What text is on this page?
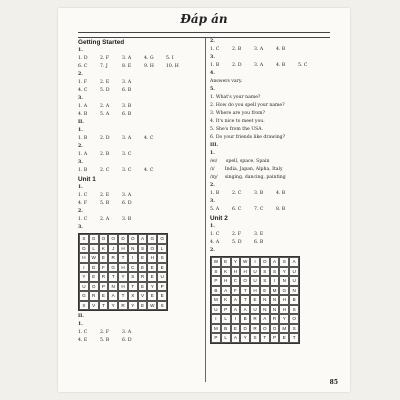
Đáp án
Getting Started
1.
1. D	2. F	3. A	4. G	5. I
6. C	7. J	8. E	9. H	10. H
2.
1. F	2. E	3. A
4. C	5. D	6. B
3.
1. A	2. A	3. B
4. B	5. A	6. B
II.
1.
1. B	2. D	3. A	4. C
2.
1. A	2. B	3. C
3.
1. B	2. C	3. C	4. C
Unit 1
1.
1. C	2. E	3. A
4. F	5. B	6. D
2.
1. C	2. A	3. B
3.
S	G	O	O	D	O	A	G	G
D	L	K	J	H	N	S	O	L
H	W	E	R	T	I	E	H	S
I	D	F	G	H	C	E	E	E
Y	E	R	T	Y	S	R	E	U
U	O	P	N	H	T	E	Y	P
G	R	E	A	T	X	V	E	E
X	V	T	Y	R	Y	E	W	S
II.
1.
1. C	2. F	3. A
4. E	5. B	6. D
2.
1. C	2. B	3. A	4. B
3.
1. B	2. D	3. A	4. B	5. C
4.
Answers vary.
5.
1. What's your name?
2. How do you spell your name?
3. Where are you from?
4. It's nice to meet you.
5. She's from the USA.
6. Do your friends like drawing?
III.
1.
/eɪ/      spell, space, Spain
/ɪ/       India, Japan, Alpha, Italy
/ɪŋ/     singing, dancing, painting
2.
1. B	2. C	3. B	4. B
3.
5. A	6. C	7. C	8. B
Unit 2
1.
1. C	2. F	3. E
4. A	5. D	6. B
2.
W	E	Y	W	I	O	A	S	A
S	K	H	H	U	S	S	Y	U
P	H	C	O	U	S	I	N	U
B	A	F	T	H	E	M	G	N
M	K	A	T	E	N	N	H	B
U	P	A	A	U	N	N	H	S
I	L	I	B	R	A	R	Y	O
M	B	E	D	R	O	O	M	S
P	L	A	Y	S	T	P	E	T
85
